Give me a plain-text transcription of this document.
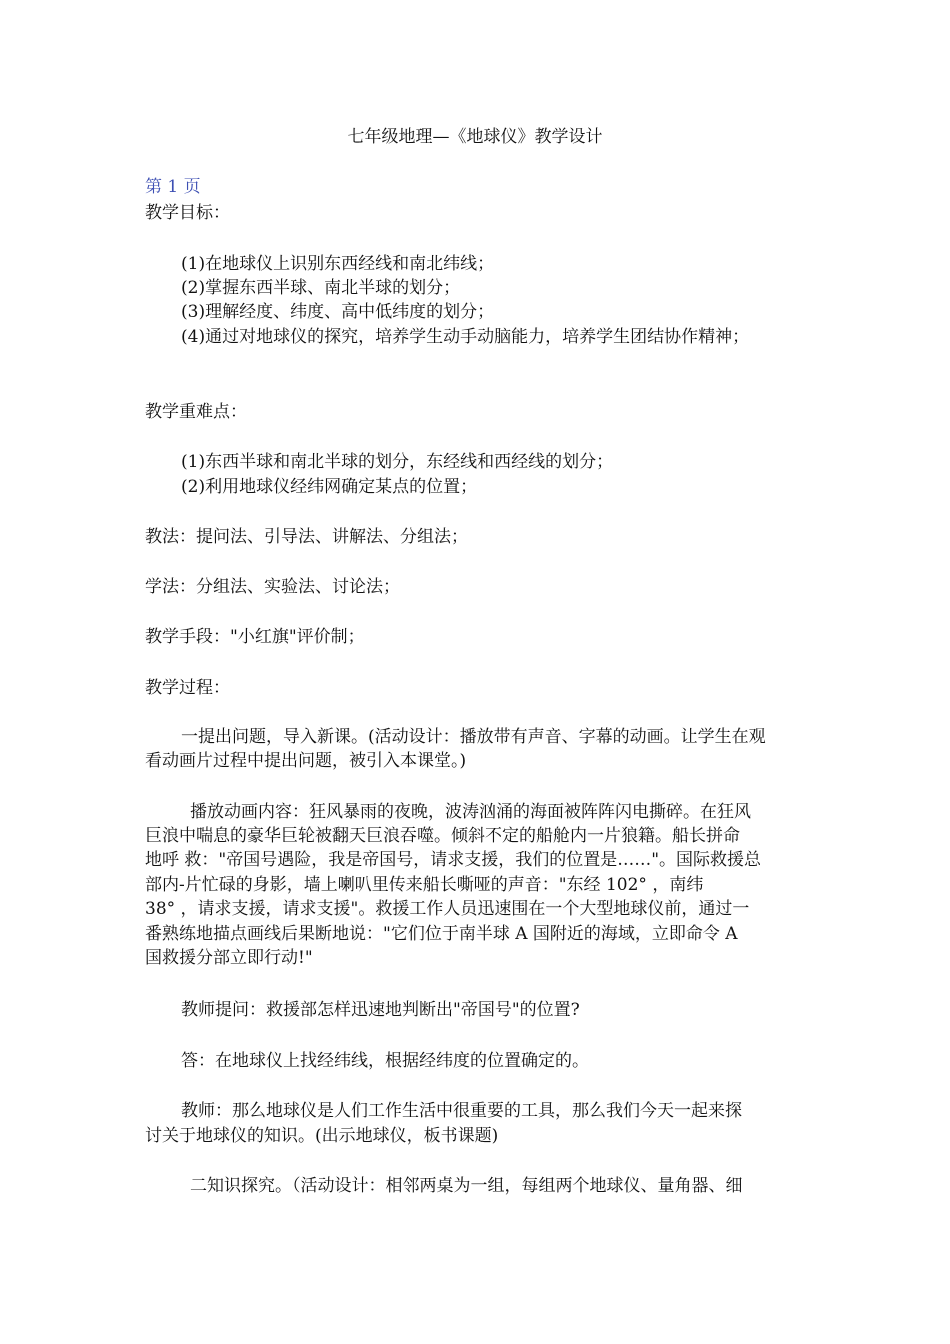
七年级地理—《地球仪》教学设计
第 1 页
教学目标：
(1)在地球仪上识别东西经线和南北纬线；
(2)掌握东西半球、南北半球的划分；
(3)理解经度、纬度、高中低纬度的划分；
(4)通过对地球仪的探究，培养学生动手动脑能力，培养学生团结协作精神；
教学重难点：
(1)东西半球和南北半球的划分，东经线和西经线的划分；
(2)利用地球仪经纬网确定某点的位置；
教法：提问法、引导法、讲解法、分组法；
学法：分组法、实验法、讨论法；
教学手段："小红旗"评价制；
教学过程：
一提出问题，导入新课。(活动设计：播放带有声音、字幕的动画。让学生在观
看动画片过程中提出问题，被引入本课堂。)
播放动画内容：狂风暴雨的夜晚，波涛汹涌的海面被阵阵闪电撕碎。在狂风
巨浪中喘息的豪华巨轮被翻天巨浪吞噬。倾斜不定的船舱内一片狼籍。船长拼命
地呼 救："帝国号遇险，我是帝国号，请求支援，我们的位置是……"。国际救援总
部内-片忙碌的身影，墙上喇叭里传来船长嘶哑的声音："东经 102° ，南纬
38° ，请求支援，请求支援"。救援工作人员迅速围在一个大型地球仪前，通过一
番熟练地描点画线后果断地说："它们位于南半球 A 国附近的海域，立即命令 A
国救援分部立即行动!"
教师提问：救援部怎样迅速地判断出"帝国号"的位置?
答：在地球仪上找经纬线，根据经纬度的位置确定的。
教师：那么地球仪是人们工作生活中很重要的工具，那么我们今天一起来探
讨关于地球仪的知识。(出示地球仪，板书课题)
二知识探究。（活动设计：相邻两桌为一组，每组两个地球仪、量角器、细
